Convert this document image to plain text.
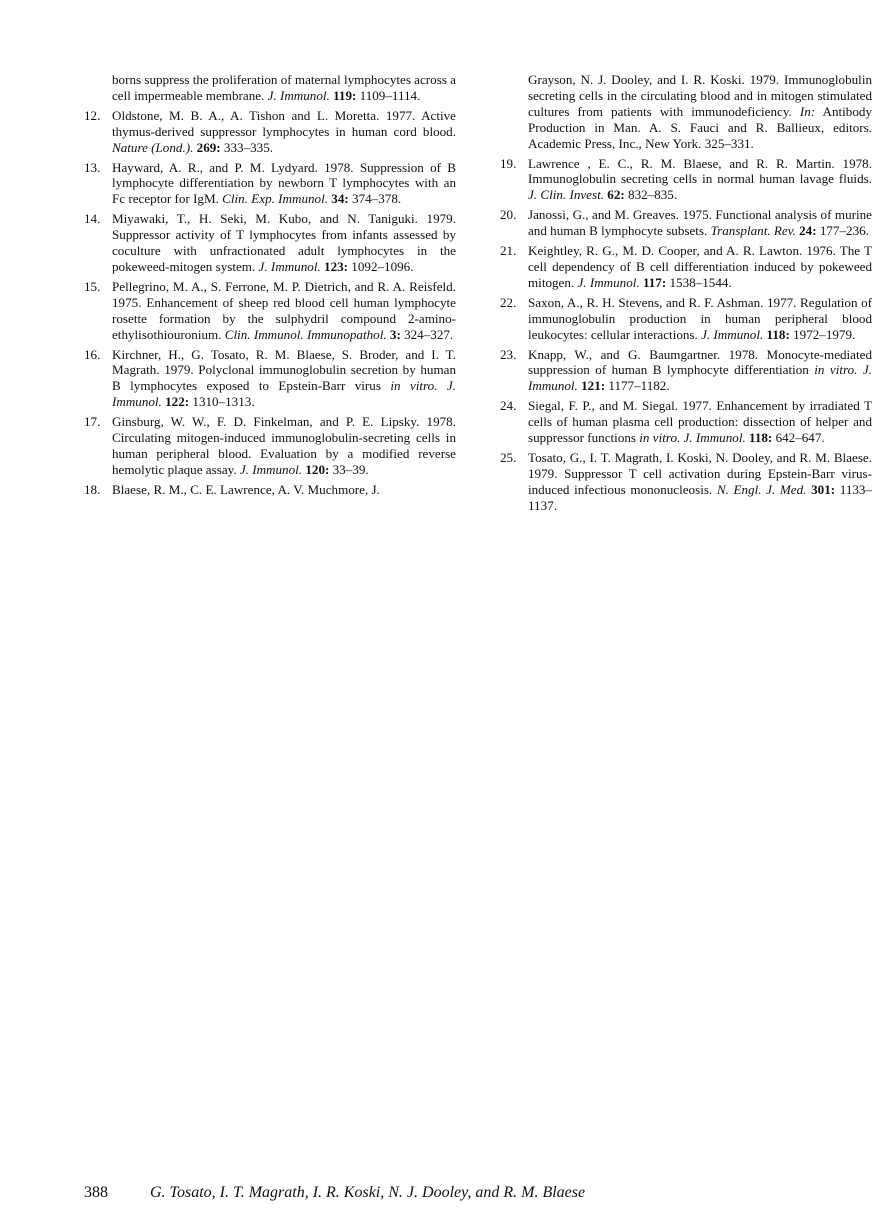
borns suppress the proliferation of maternal lymphocytes across a cell impermeable membrane. J. Immunol. 119: 1109–1114.
12. Oldstone, M. B. A., A. Tishon and L. Moretta. 1977. Active thymus-derived suppressor lymphocytes in human cord blood. Nature (Lond.). 269: 333–335.
13. Hayward, A. R., and P. M. Lydyard. 1978. Suppression of B lymphocyte differentiation by newborn T lymphocytes with an Fc receptor for IgM. Clin. Exp. Immunol. 34: 374–378.
14. Miyawaki, T., H. Seki, M. Kubo, and N. Taniguki. 1979. Suppressor activity of T lymphocytes from infants assessed by coculture with unfractionated adult lymphocytes in the pokeweed-mitogen system. J. Immunol. 123: 1092–1096.
15. Pellegrino, M. A., S. Ferrone, M. P. Dietrich, and R. A. Reisfeld. 1975. Enhancement of sheep red blood cell human lymphocyte rosette formation by the sulphydril compound 2-amino-ethylisothiouronium. Clin. Immunol. Immunopathol. 3: 324–327.
16. Kirchner, H., G. Tosato, R. M. Blaese, S. Broder, and I. T. Magrath. 1979. Polyclonal immunoglobulin secretion by human B lymphocytes exposed to Epstein-Barr virus in vitro. J. Immunol. 122: 1310–1313.
17. Ginsburg, W. W., F. D. Finkelman, and P. E. Lipsky. 1978. Circulating mitogen-induced immunoglobulin-secreting cells in human peripheral blood. Evaluation by a modified reverse hemolytic plaque assay. J. Immunol. 120: 33–39.
18. Blaese, R. M., C. E. Lawrence, A. V. Muchmore, J.
Grayson, N. J. Dooley, and I. R. Koski. 1979. Immunoglobulin secreting cells in the circulating blood and in mitogen stimulated cultures from patients with immunodeficiency. In: Antibody Production in Man. A. S. Fauci and R. Ballieux, editors. Academic Press, Inc., New York. 325–331.
19. Lawrence , E. C., R. M. Blaese, and R. R. Martin. 1978. Immunoglobulin secreting cells in normal human lavage fluids. J. Clin. Invest. 62: 832–835.
20. Janossi, G., and M. Greaves. 1975. Functional analysis of murine and human B lymphocyte subsets. Transplant. Rev. 24: 177–236.
21. Keightley, R. G., M. D. Cooper, and A. R. Lawton. 1976. The T cell dependency of B cell differentiation induced by pokeweed mitogen. J. Immunol. 117: 1538–1544.
22. Saxon, A., R. H. Stevens, and R. F. Ashman. 1977. Regulation of immunoglobulin production in human peripheral blood leukocytes: cellular interactions. J. Immunol. 118: 1972–1979.
23. Knapp, W., and G. Baumgartner. 1978. Monocyte-mediated suppression of human B lymphocyte differentiation in vitro. J. Immunol. 121: 1177–1182.
24. Siegal, F. P., and M. Siegal. 1977. Enhancement by irradiated T cells of human plasma cell production: dissection of helper and suppressor functions in vitro. J. Immunol. 118: 642–647.
25. Tosato, G., I. T. Magrath, I. Koski, N. Dooley, and R. M. Blaese. 1979. Suppressor T cell activation during Epstein-Barr virus-induced infectious mononucleosis. N. Engl. J. Med. 301: 1133–1137.
388	G. Tosato, I. T. Magrath, I. R. Koski, N. J. Dooley, and R. M. Blaese
